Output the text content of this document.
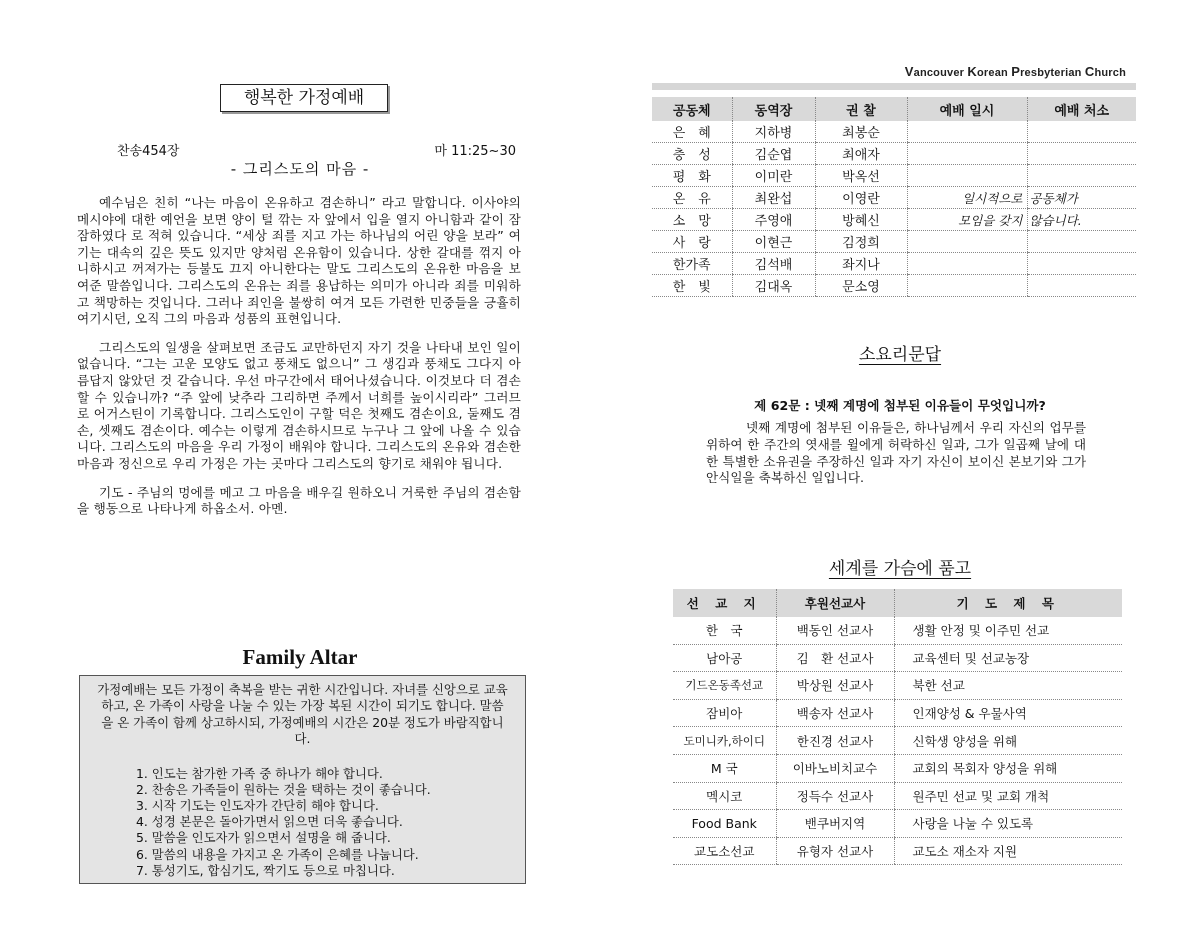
행복한 가정예배
찬송454장	마 11:25~30
- 그리스도의 마음 -

예수님은 친히 “나는 마음이 온유하고 겸손하니” 라고 말합니다. 이사야의 메시야에 대한 예언을 보면 양이 털 깎는 자 앞에서 입을 열지 아니함과 같이 잠잠하였다 로 적혀 있습니다. “세상 죄를 지고 가는 하나님의 어린 양을 보라” 여기는 대속의 깊은 뜻도 있지만 양처럼 온유함이 있습니다. 상한 갈대를 꺾지 아니하시고 꺼져가는 등불도 끄지 아니한다는 말도 그리스도의 온유한 마음을 보여준 말씀입니다. 그리스도의 온유는 죄를 용납하는 의미가 아니라 죄를 미워하고 책망하는 것입니다. 그러나 죄인을 불쌍히 여겨 모든 가련한 민중들을 긍휼히 여기시던, 오직 그의 마음과 성품의 표현입니다.

그리스도의 일생을 살펴보면 조금도 교만하던지 자기 것을 나타내 보인 일이 없습니다. “그는 고운 모양도 없고 풍채도 없으니” 그 생김과 풍채도 그다지 아름답지 않았던 것 같습니다. 우선 마구간에서 태어나셨습니다. 이것보다 더 겸손할 수 있습니까? “주 앞에 낮추라 그리하면 주께서 너희를 높이시리라” 그러므로 어거스틴이 기록합니다. 그리스도인이 구할 덕은 첫째도 겸손이요, 둘째도 겸손, 셋째도 겸손이다. 예수는 이렇게 겸손하시므로 누구나 그 앞에 나올 수 있습니다. 그리스도의 마음을 우리 가정이 배워야 합니다. 그리스도의 온유와 겸손한 마음과 정신으로 우리 가정은 가는 곳마다 그리스도의 향기로 채워야 됩니다.

기도 - 주님의 멍에를 메고 그 마음을 배우길 원하오니 거룩한 주님의 겸손함을 행동으로 나타나게 하옵소서. 아멘.

Family Altar

가정예배는 모든 가정이 축복을 받는 귀한 시간입니다. 자녀를 신앙으로 교육 하고, 온 가족이 사랑을 나눌 수 있는 가장 복된 시간이 되기도 합니다. 말씀을 온 가족이 함께 상고하시되, 가정예배의 시간은 20분 정도가 바람직합니다.

1. 인도는 참가한 가족 중 하나가 해야 합니다.
2. 찬송은 가족들이 원하는 것을 택하는 것이 좋습니다.
3. 시작 기도는 인도자가 간단히 해야 합니다.
4. 성경 본문은 돌아가면서 읽으면 더욱 좋습니다.
5. 말씀을 인도자가 읽으면서 설명을 해 줍니다.
6. 말씀의 내용을 가지고 온 가족이 은혜를 나눕니다.
7. 통성기도, 합심기도, 짝기도 등으로 마칩니다.
Vancouver Korean Presbyterian Church
공동체	동역장	권 찰	예배 일시	예배 처소
은　혜	지하병	최봉순		
충　성	김순엽	최애자		
평　화	이미란	박옥선		
온　유	최완섭	이영란	일시적으로	공동체가
소　망	주영애	방혜신	모임을 갖지	않습니다.
사　랑	이현근	김정희		
한가족	김석배	좌지나		
한　빛	김대옥	문소영		
소요리문답
제 62문 : 넷째 계명에 첨부된 이유들이 무엇입니까?

넷째 계명에 첨부된 이유들은, 하나님께서 우리 자신의 업무를 위하여 한 주간의 엿새를 윌에게 허락하신 일과, 그가 일곱째 날에 대한 특별한 소유권을 주장하신 일과 자기 자신이 보이신 본보기와 그가 안식일을 축복하신 일입니다.

세계를 가슴에 품고
선 교 지	후원선교사	기 도 제 목
한　국	백동인 선교사	생활 안정 및 이주민 선교
남아공	김　환 선교사	교육센터 및 선교농장
기드온동족선교	박상원 선교사	북한 선교
잠비아	백송자 선교사	인재양성 & 우물사역
도미니카,하이디	한진경 선교사	신학생 양성을 위해
M 국	이바노비치교수	교회의 목회자 양성을 위해
멕시코	정득수 선교사	원주민 선교 및 교회 개척
Food Bank	밴쿠버지역	사랑을 나눌 수 있도록
교도소선교	유형자 선교사	교도소 재소자 지원
